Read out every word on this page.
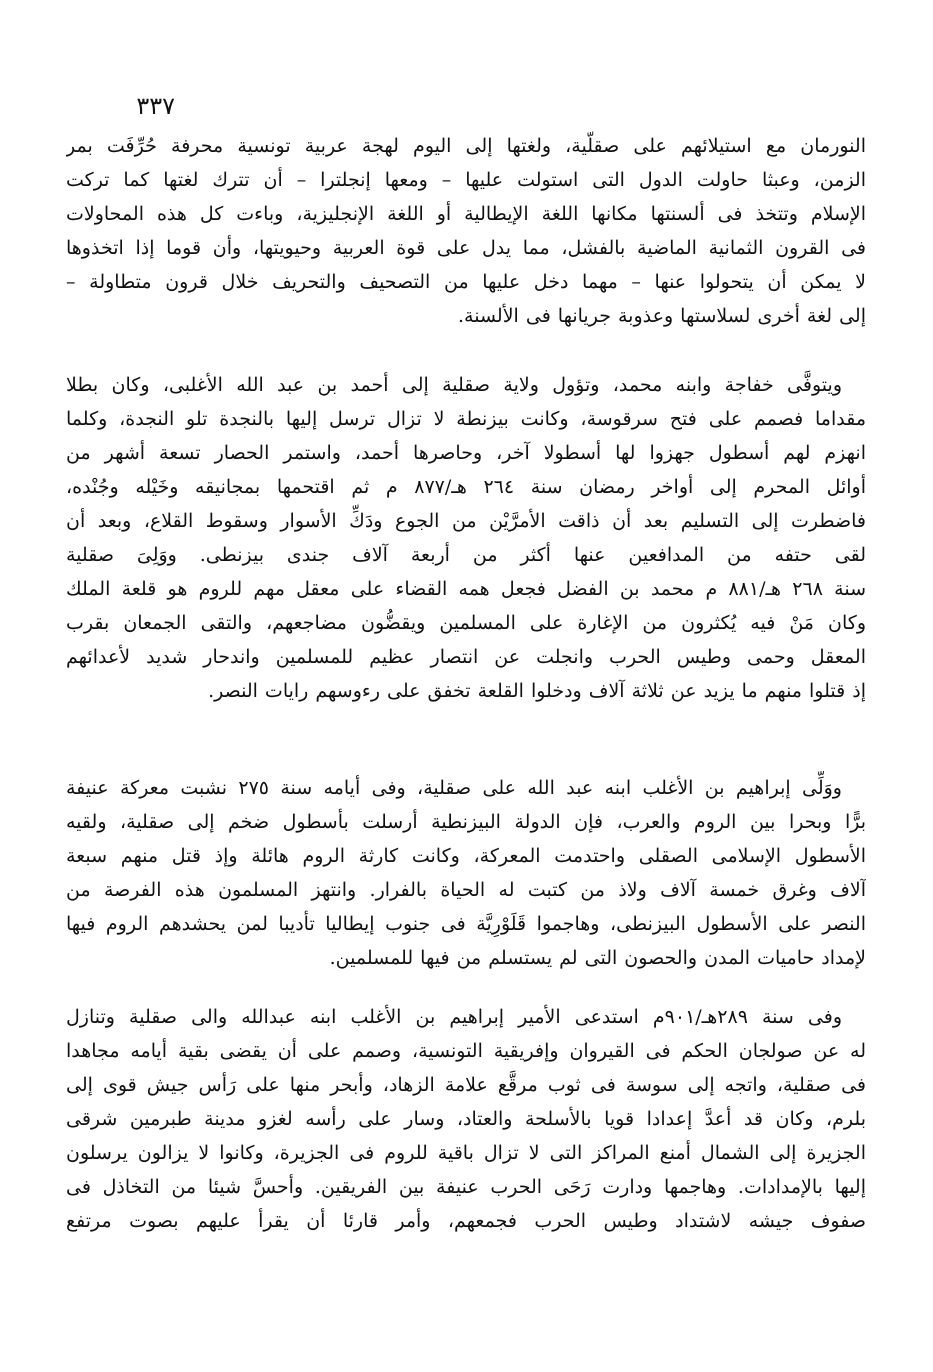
٣٣٧
النورمان مع استيلائهم على صقلّية، ولغتها إلى اليوم لهجة عربية تونسية محرفة حُرِّفَت بمر
الزمن، وعبثا حاولت الدول التى استولت عليها – ومعها إنجلترا – أن تترك لغتها كما تركت
الإسلام وتتخذ فى ألسنتها مكانها اللغة الإيطالية أو اللغة الإنجليزية، وباءت كل هذه المحاولات
فى القرون الثمانية الماضية بالفشل، مما يدل على قوة العربية وحيويتها، وأن قوما إذا اتخذوها
لا يمكن أن يتحولوا عنها – مهما دخل عليها من التصحيف والتحريف خلال قرون متطاولة –
إلى لغة أخرى لسلاستها وعذوبة جريانها فى الألسنة.
ويتوفَّى خفاجة وابنه محمد، وتؤول ولاية صقلية إلى أحمد بن عبد الله الأغلبى، وكان بطلا
مقداما فصمم على فتح سرقوسة، وكانت بيزنطة لا تزال ترسل إليها بالنجدة تلو النجدة، وكلما
انهزم لهم أسطول جهزوا لها أسطولا آخر، وحاصرها أحمد، واستمر الحصار تسعة أشهر من
أوائل المحرم إلى أواخر رمضان سنة ٢٦٤ هـ/٨٧٧ م ثم اقتحمها بمجانيقه وخَيْله وجُنْده،
فاضطرت إلى التسليم بعد أن ذاقت الأمرَّيْن من الجوع ودَكِّ الأسوار وسقوط القلاع، وبعد أن
لقى حتفه من المدافعين عنها أكثر من أربعة آلاف جندى بيزنطى. ووَلِىَ صقلية
سنة ٢٦٨ هـ/٨٨١ م محمد بن الفضل فجعل همه القضاء على معقل مهم للروم هو قلعة الملك
وكان مَنْ فيه يُكثرون من الإغارة على المسلمين ويقضُّون مضاجعهم، والتقى الجمعان بقرب
المعقل وحمى وطيس الحرب وانجلت عن انتصار عظيم للمسلمين واندحار شديد لأعدائهم
إذ قتلوا منهم ما يزيد عن ثلاثة آلاف ودخلوا القلعة تخفق على رءوسهم رايات النصر.
ووَلِّى إبراهيم بن الأغلب ابنه عبد الله على صقلية، وفى أيامه سنة ٢٧٥ نشبت معركة عنيفة
برًّا وبحرا بين الروم والعرب، فإن الدولة البيزنطية أرسلت بأسطول ضخم إلى صقلية، ولقيه
الأسطول الإسلامى الصقلى واحتدمت المعركة، وكانت كارثة الروم هائلة وإذ قتل منهم سبعة
آلاف وغرق خمسة آلاف ولاذ من كتبت له الحياة بالفرار. وانتهز المسلمون هذه الفرصة من
النصر على الأسطول البيزنطى، وهاجموا قَلَوْرِيَّة فى جنوب إيطاليا تأديبا لمن يحشدهم الروم فيها
لإمداد حاميات المدن والحصون التى لم يستسلم من فيها للمسلمين.
وفى سنة ٢٨٩هـ/٩٠١م استدعى الأمير إبراهيم بن الأغلب ابنه عبدالله والى صقلية وتنازل
له عن صولجان الحكم فى القيروان وإفريقية التونسية، وصمم على أن يقضى بقية أيامه مجاهدا
فى صقلية، واتجه إلى سوسة فى ثوب مرقَّع علامة الزهاد، وأبحر منها على رَأس جيش قوى إلى
بلرم، وكان قد أعدَّ إعدادا قويا بالأسلحة والعتاد، وسار على رأسه لغزو مدينة طبرمين شرقى
الجزيرة إلى الشمال أمنع المراكز التى لا تزال باقية للروم فى الجزيرة، وكانوا لا يزالون يرسلون
إليها بالإمدادات. وهاجمها ودارت رَحَى الحرب عنيفة بين الفريقين. وأحسَّ شيئا من التخاذل فى
صفوف جيشه لاشتداد وطيس الحرب فجمعهم، وأمر قارئا أن يقرأ عليهم بصوت مرتفع
